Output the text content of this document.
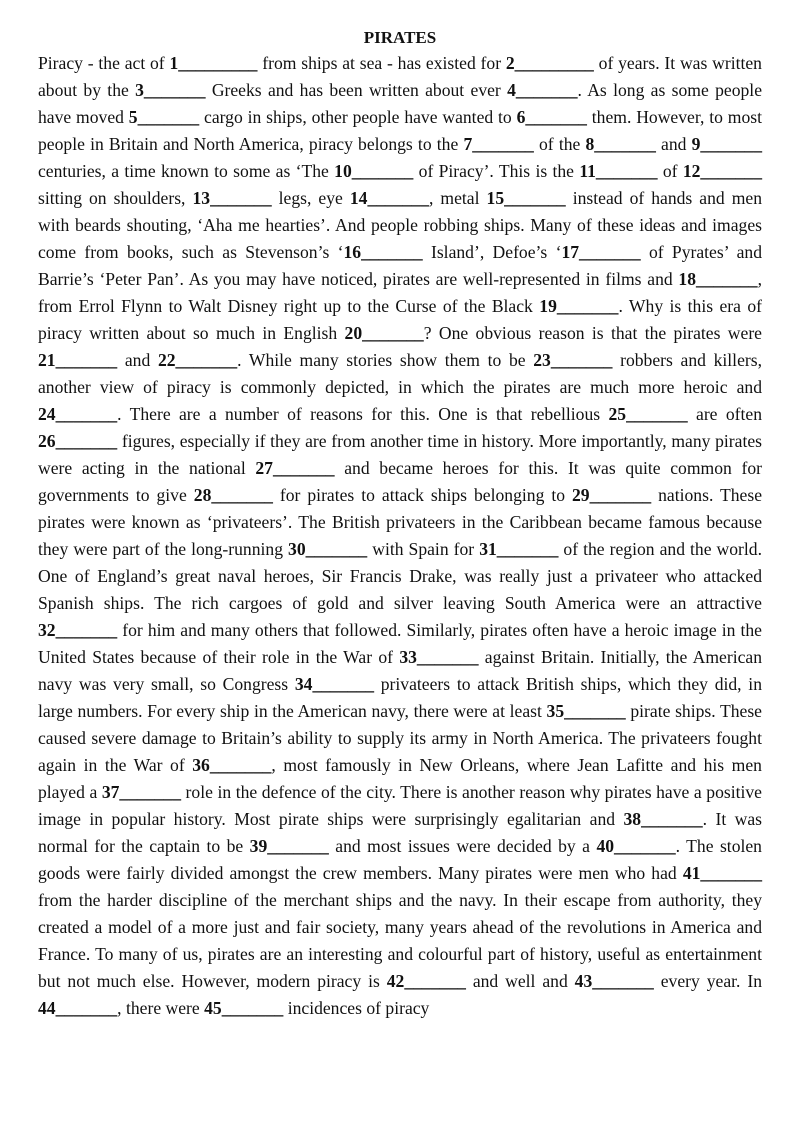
PIRATES

Piracy - the act of 1_________ from ships at sea - has existed for 2_________ of years. It was written about by the 3_______ Greeks and has been written about ever 4_______. As long as some people have moved 5_______ cargo in ships, other people have wanted to 6_______ them. However, to most people in Britain and North America, piracy belongs to the 7_______ of the 8_______ and 9_______ centuries, a time known to some as ‘The 10_______ of Piracy’. This is the 11_______ of 12_______ sitting on shoulders, 13_______ legs, eye 14_______, metal 15_______ instead of hands and men with beards shouting, ‘Aha me hearties’. And people robbing ships. Many of these ideas and images come from books, such as Stevenson’s ‘16_______ Island’, Defoe’s ‘17_______ of Pyrates’ and Barrie’s ‘Peter Pan’. As you may have noticed, pirates are well-represented in films and 18_______, from Errol Flynn to Walt Disney right up to the Curse of the Black 19_______. Why is this era of piracy written about so much in English 20_______? One obvious reason is that the pirates were 21_______ and 22_______. While many stories show them to be 23_______ robbers and killers, another view of piracy is commonly depicted, in which the pirates are much more heroic and 24_______. There are a number of reasons for this. One is that rebellious 25_______ are often 26_______ figures, especially if they are from another time in history. More importantly, many pirates were acting in the national 27_______ and became heroes for this. It was quite common for governments to give 28_______ for pirates to attack ships belonging to 29_______ nations. These pirates were known as ‘privateers’. The British privateers in the Caribbean became famous because they were part of the long-running 30_______ with Spain for 31_______ of the region and the world. One of England’s great naval heroes, Sir Francis Drake, was really just a privateer who attacked Spanish ships. The rich cargoes of gold and silver leaving South America were an attractive 32_______ for him and many others that followed. Similarly, pirates often have a heroic image in the United States because of their role in the War of 33_______ against Britain. Initially, the American navy was very small, so Congress 34_______ privateers to attack British ships, which they did, in large numbers. For every ship in the American navy, there were at least 35_______ pirate ships. These caused severe damage to Britain’s ability to supply its army in North America. The privateers fought again in the War of 36_______, most famously in New Orleans, where Jean Lafitte and his men played a 37_______ role in the defence of the city. There is another reason why pirates have a positive image in popular history. Most pirate ships were surprisingly egalitarian and 38_______. It was normal for the captain to be 39_______ and most issues were decided by a 40_______. The stolen goods were fairly divided amongst the crew members. Many pirates were men who had 41_______ from the harder discipline of the merchant ships and the navy. In their escape from authority, they created a model of a more just and fair society, many years ahead of the revolutions in America and France. To many of us, pirates are an interesting and colourful part of history, useful as entertainment but not much else. However, modern piracy is 42_______ and well and 43_______ every year. In 44_______, there were 45_______ incidences of piracy
